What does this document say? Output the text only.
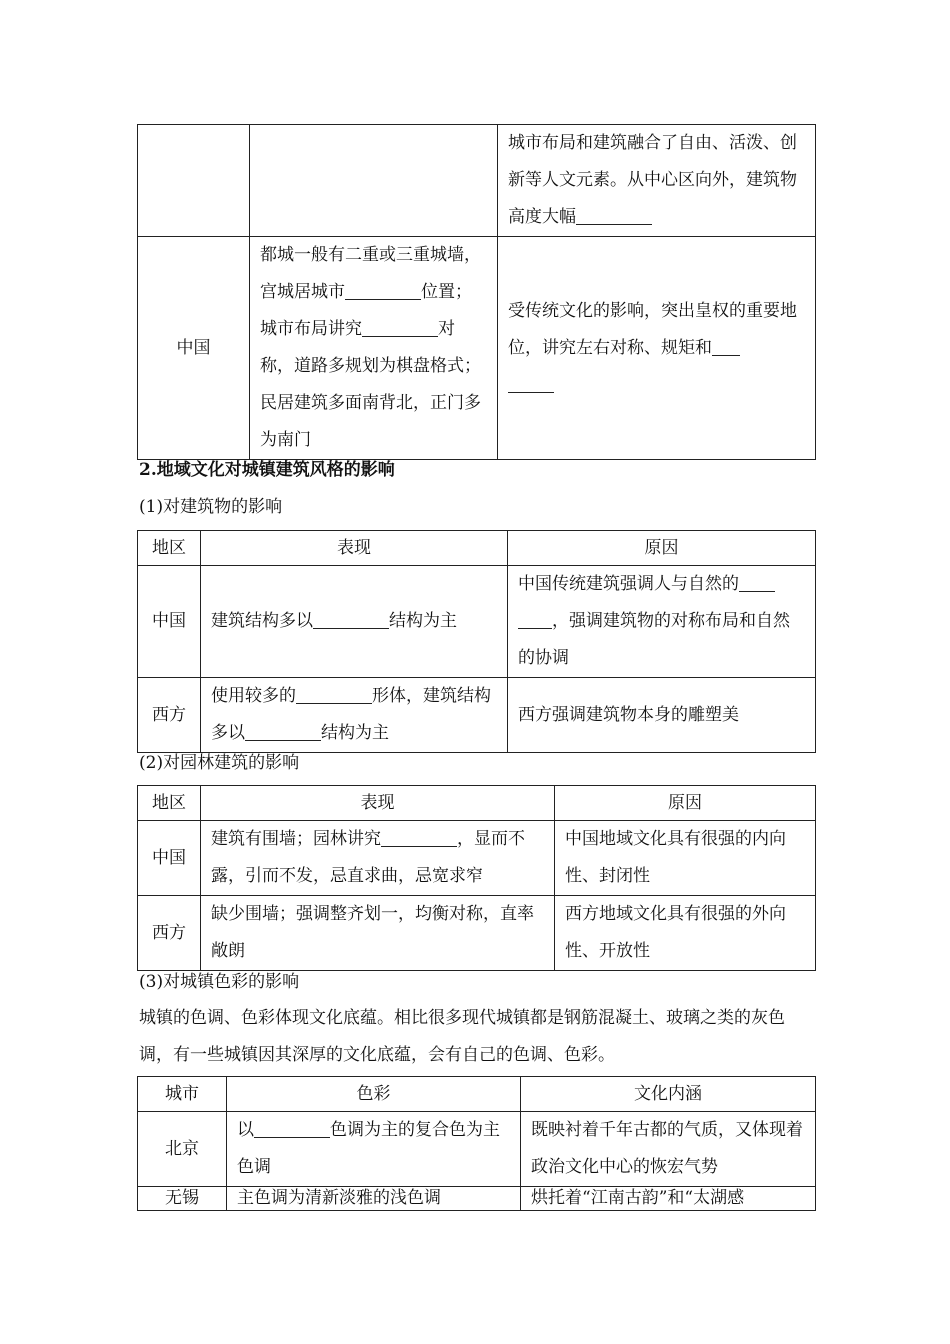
		城市布局和建筑融合了自由、活泼、创新等人文元素。从中心区向外，建筑物高度大幅
中国	都城一般有二重或三重城墙，宫城居城市 位置；城市布局讲究 对称，道路多规划为棋盘格式；民居建筑多面南背北，正门多为南门	受传统文化的影响，突出皇权的重要地位，讲究左右对称、规矩和

2.地域文化对城镇建筑风格的影响
(1)对建筑物的影响
地区	表现	原因
中国	建筑结构多以 结构为主	中国传统建筑强调人与自然的
，强调建筑物的对称布局和自然的协调
西方	使用较多的 形体，建筑结构多以 结构为主	西方强调建筑物本身的雕塑美
(2)对园林建筑的影响
地区	表现	原因
中国	建筑有围墙；园林讲究 ，显而不露，引而不发，忌直求曲，忌宽求窄	中国地域文化具有很强的内向性、封闭性
西方	缺少围墙；强调整齐划一，均衡对称，直率敞朗	西方地域文化具有很强的外向性、开放性
(3)对城镇色彩的影响
城镇的色调、色彩体现文化底蕴。相比很多现代城镇都是钢筋混凝土、玻璃之类的灰色调，有一些城镇因其深厚的文化底蕴，会有自己的色调、色彩。
城市	色彩	文化内涵
北京	以 色调为主的复合色为主色调	既映衬着千年古都的气质，又体现着政治文化中心的恢宏气势
无锡	主色调为清新淡雅的浅色调	烘托着“江南古韵”和“太湖感
